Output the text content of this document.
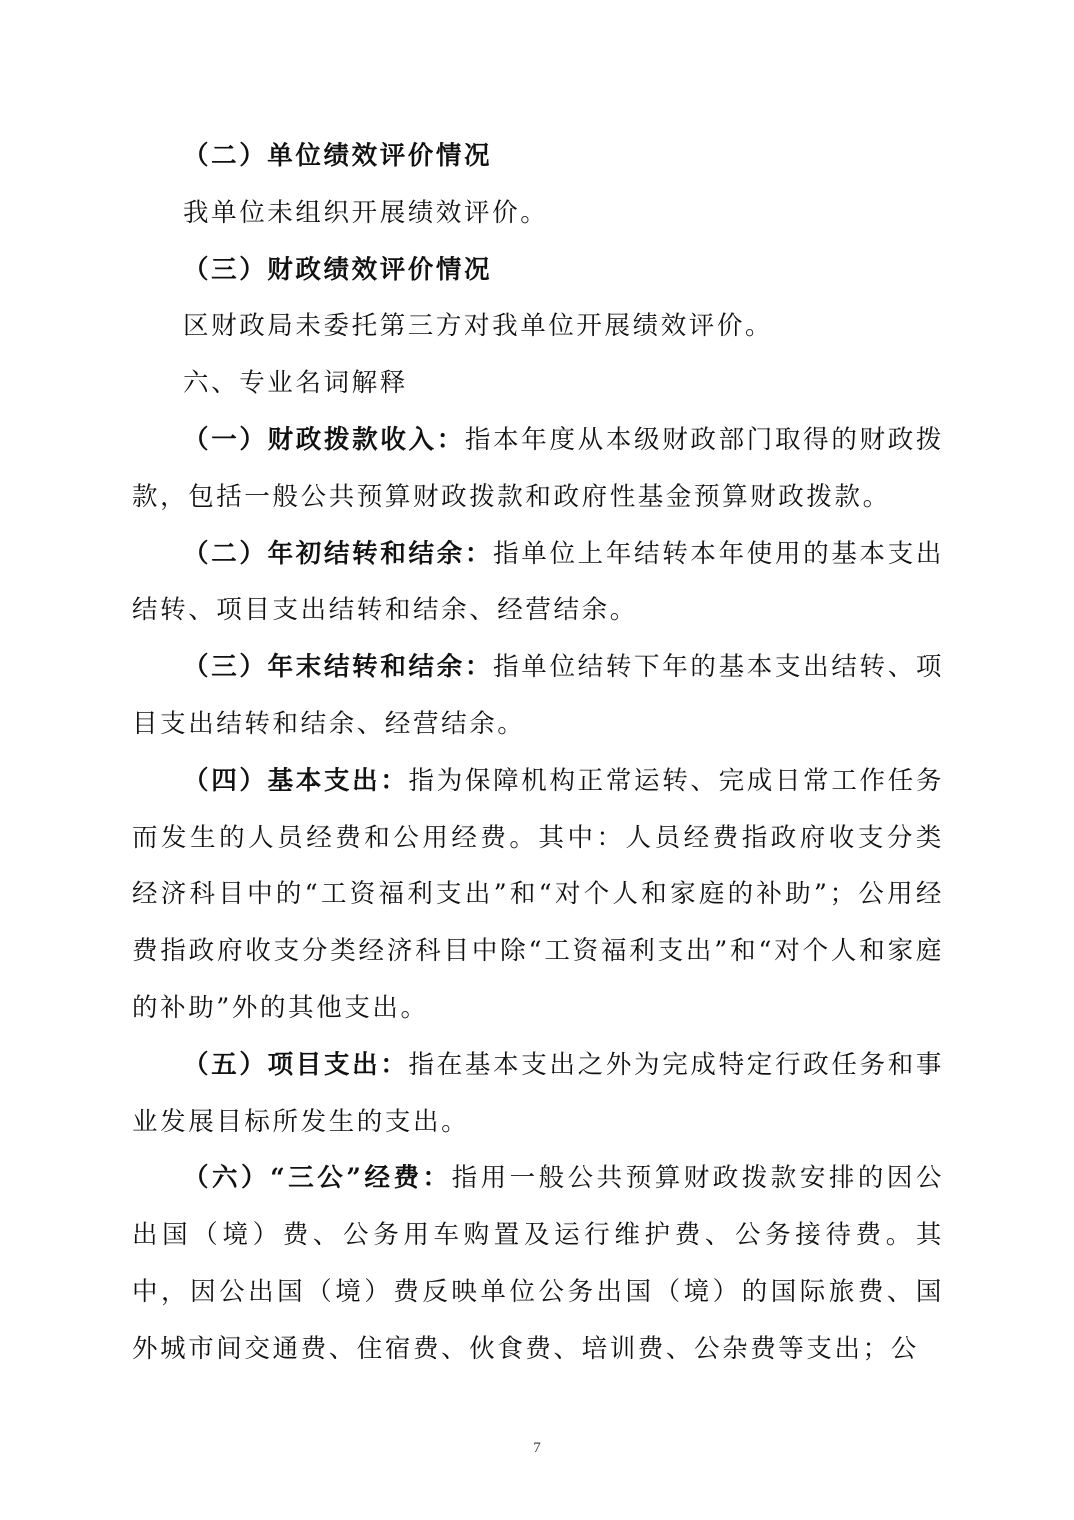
（二）单位绩效评价情况

我单位未组织开展绩效评价。

（三）财政绩效评价情况

区财政局未委托第三方对我单位开展绩效评价。

六、专业名词解释

（一）财政拨款收入：指本年度从本级财政部门取得的财政拨款，包括一般公共预算财政拨款和政府性基金预算财政拨款。

（二）年初结转和结余：指单位上年结转本年使用的基本支出结转、项目支出结转和结余、经营结余。

（三）年末结转和结余：指单位结转下年的基本支出结转、项目支出结转和结余、经营结余。

（四）基本支出：指为保障机构正常运转、完成日常工作任务而发生的人员经费和公用经费。其中：人员经费指政府收支分类经济科目中的“工资福利支出”和“对个人和家庭的补助”；公用经费指政府收支分类经济科目中除“工资福利支出”和“对个人和家庭的补助”外的其他支出。

（五）项目支出：指在基本支出之外为完成特定行政任务和事业发展目标所发生的支出。

（六）“三公”经费：指用一般公共预算财政拨款安排的因公出国（境）费、公务用车购置及运行维护费、公务接待费。其中，因公出国（境）费反映单位公务出国（境）的国际旅费、国外城市间交通费、住宿费、伙食费、培训费、公杂费等支出；公

7
